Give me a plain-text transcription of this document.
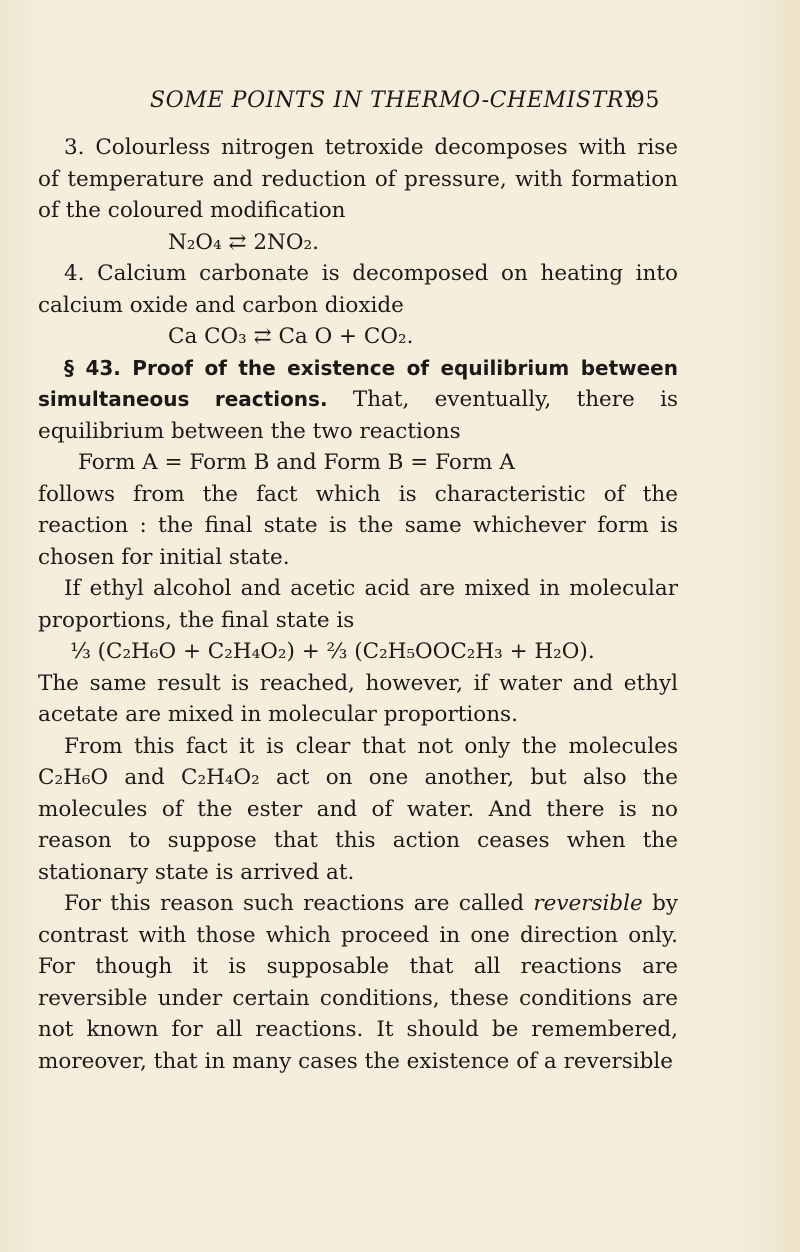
SOME POINTS IN THERMO-CHEMISTRY
95

3. Colourless nitrogen tetroxide decomposes with rise of temperature and reduction of pressure, with formation of the coloured modification

N₂O₄ ⇄ 2NO₂.

4. Calcium carbonate is decomposed on heating into calcium oxide and carbon dioxide

Ca CO₃ ⇄ Ca O + CO₂.

§ 43. Proof of the existence of equilibrium between simultaneous reactions. That, eventually, there is equilibrium between the two reactions

Form A = Form B and Form B = Form A

follows from the fact which is characteristic of the reaction : the final state is the same whichever form is chosen for initial state.

If ethyl alcohol and acetic acid are mixed in molecular proportions, the final state is

⅓ (C₂H₆O + C₂H₄O₂) + ⅔ (C₂H₅OOC₂H₃ + H₂O).

The same result is reached, however, if water and ethyl acetate are mixed in molecular proportions.

From this fact it is clear that not only the molecules C₂H₆O and C₂H₄O₂ act on one another, but also the molecules of the ester and of water. And there is no reason to suppose that this action ceases when the stationary state is arrived at.

For this reason such reactions are called reversible by contrast with those which proceed in one direction only. For though it is supposable that all reactions are reversible under certain conditions, these conditions are not known for all reactions. It should be remembered, moreover, that in many cases the existence of a reversible
